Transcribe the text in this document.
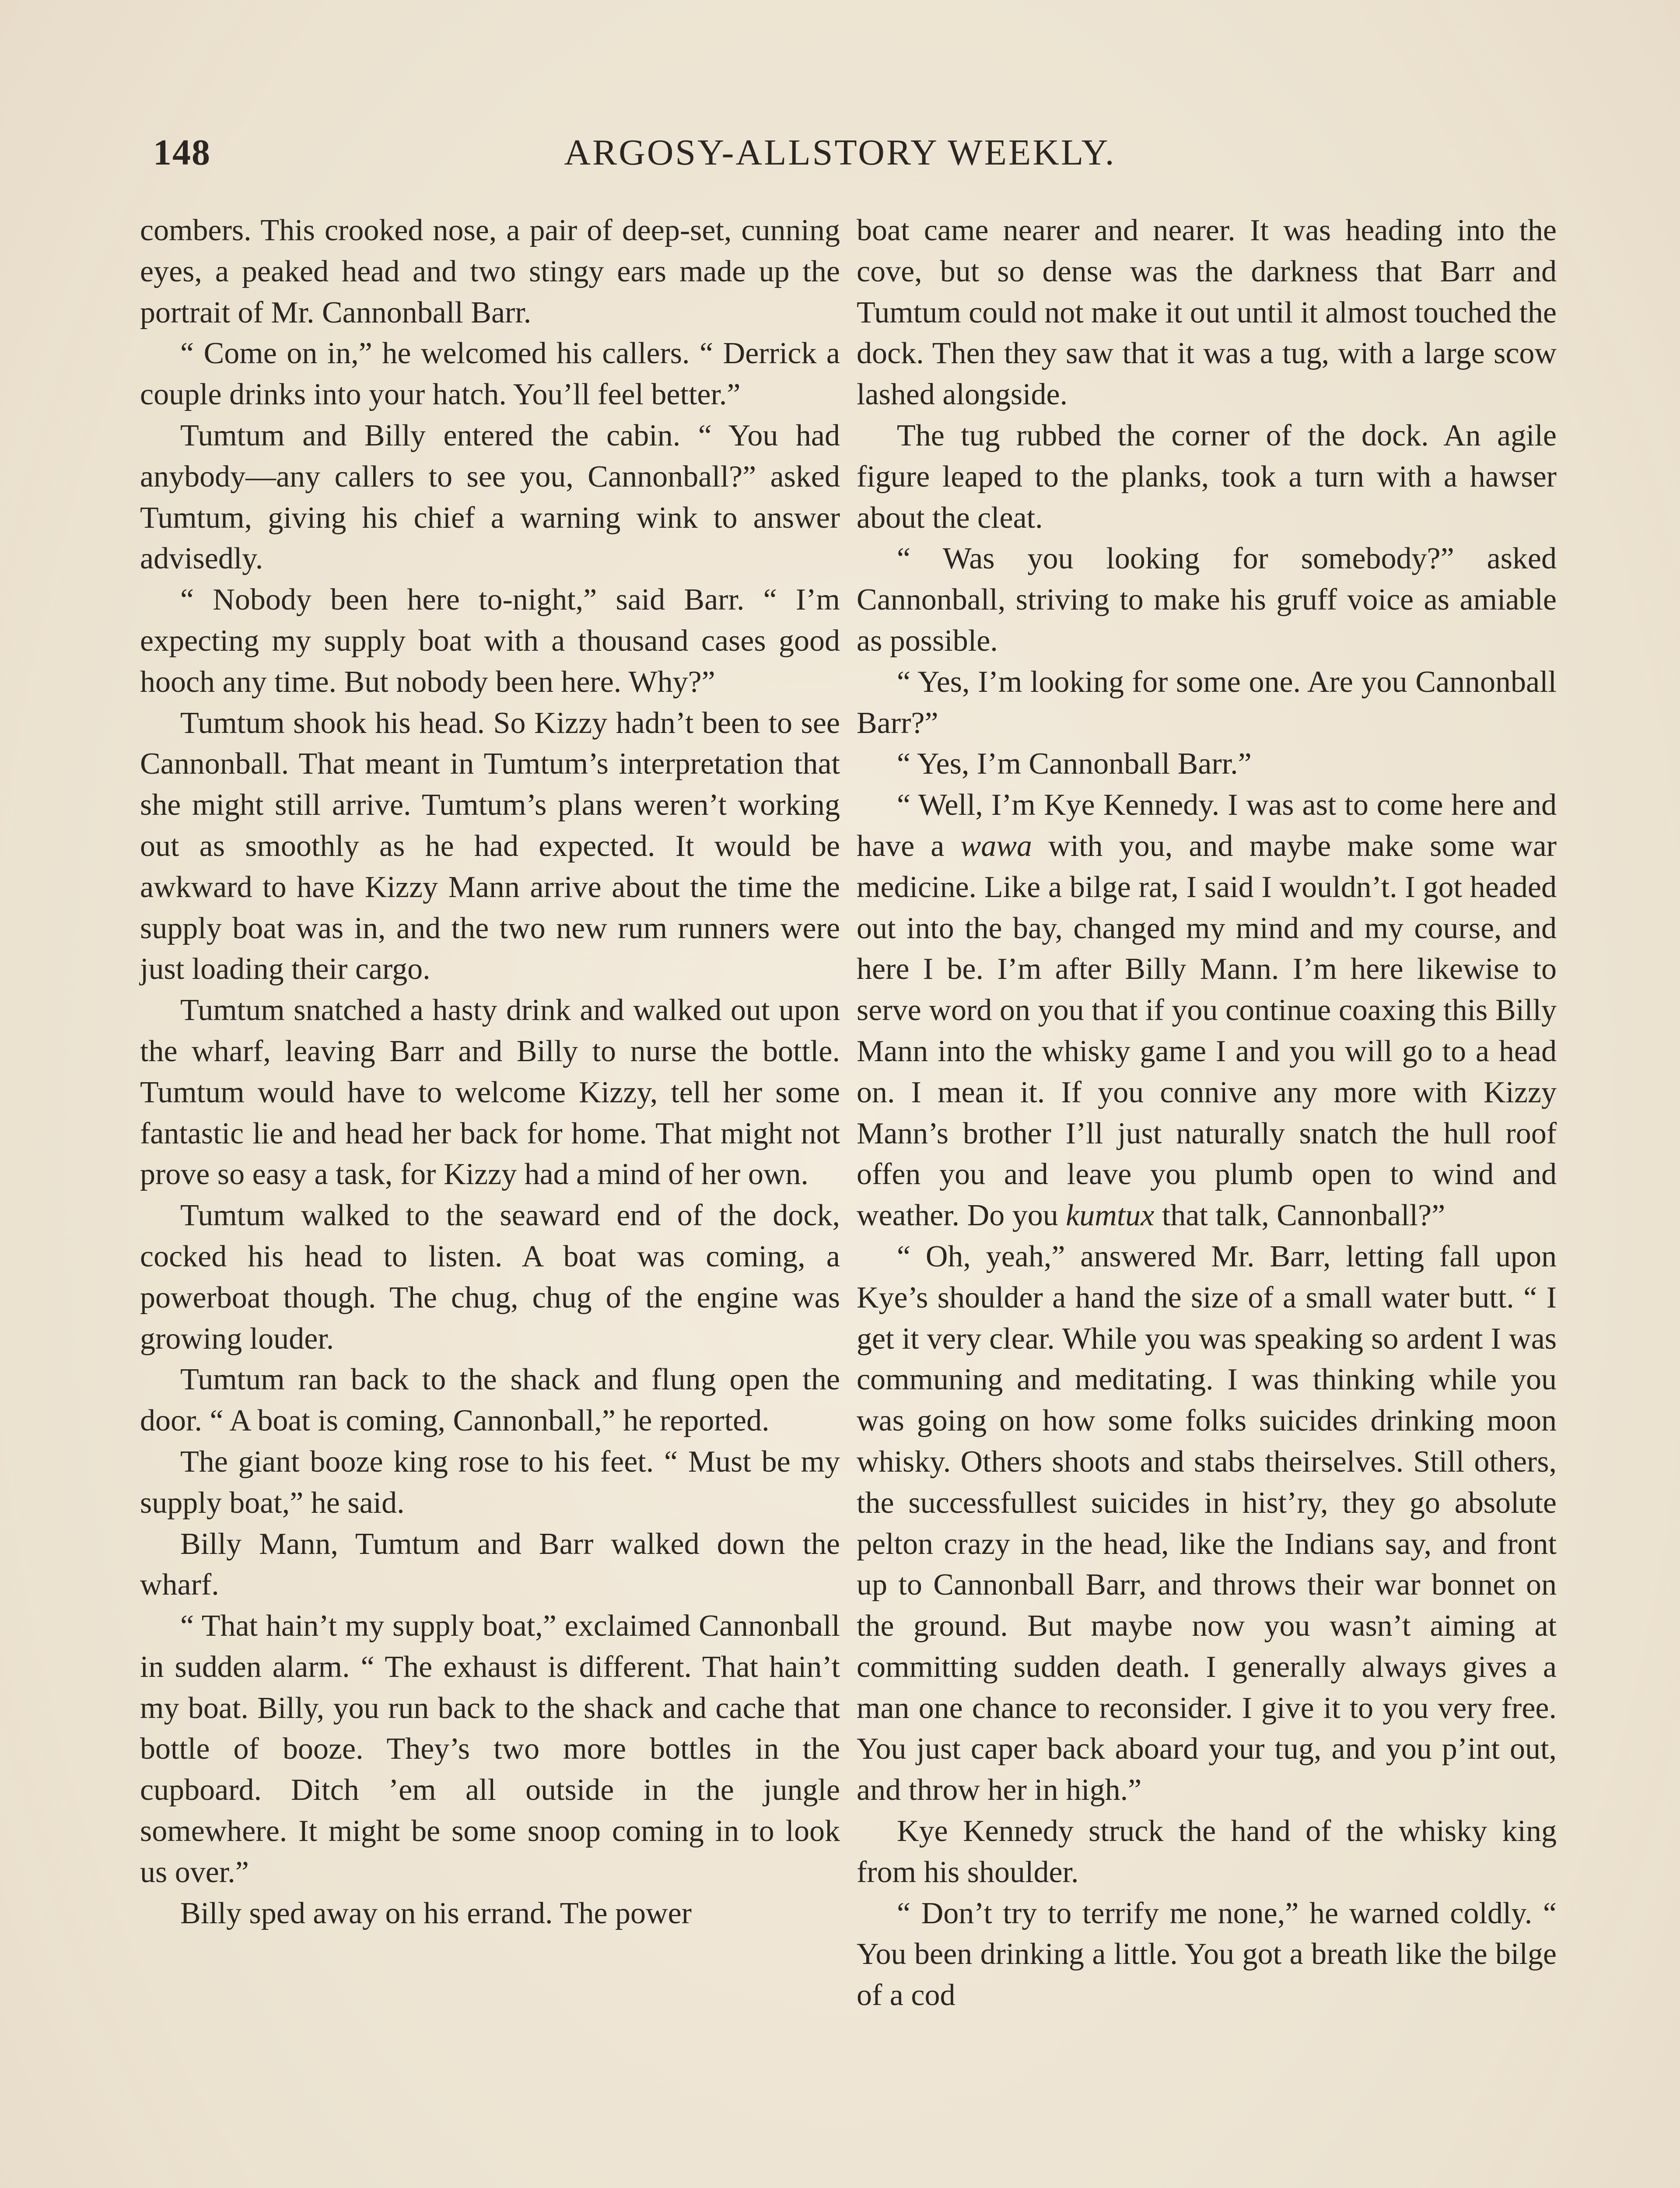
148	ARGOSY-ALLSTORY WEEKLY.

combers. This crooked nose, a pair of deep-set, cunning eyes, a peaked head and two stingy ears made up the portrait of Mr. Cannonball Barr.

“ Come on in,” he welcomed his callers. “ Derrick a couple drinks into your hatch. You’ll feel better.”

Tumtum and Billy entered the cabin. “ You had anybody—any callers to see you, Cannonball?” asked Tumtum, giving his chief a warning wink to answer advisedly.

“ Nobody been here to-night,” said Barr. “ I’m expecting my supply boat with a thousand cases good hooch any time. But nobody been here. Why?”

Tumtum shook his head. So Kizzy hadn’t been to see Cannonball. That meant in Tumtum’s interpretation that she might still arrive. Tumtum’s plans weren’t working out as smoothly as he had expected. It would be awkward to have Kizzy Mann arrive about the time the supply boat was in, and the two new rum runners were just loading their cargo.

Tumtum snatched a hasty drink and walked out upon the wharf, leaving Barr and Billy to nurse the bottle. Tumtum would have to welcome Kizzy, tell her some fantastic lie and head her back for home. That might not prove so easy a task, for Kizzy had a mind of her own.

Tumtum walked to the seaward end of the dock, cocked his head to listen. A boat was coming, a powerboat though. The chug, chug of the engine was growing louder.

Tumtum ran back to the shack and flung open the door. “ A boat is coming, Cannonball,” he reported.

The giant booze king rose to his feet. “ Must be my supply boat,” he said.

Billy Mann, Tumtum and Barr walked down the wharf.

“ That hain’t my supply boat,” exclaimed Cannonball in sudden alarm. “ The exhaust is different. That hain’t my boat. Billy, you run back to the shack and cache that bottle of booze. They’s two more bottles in the cupboard. Ditch ’em all outside in the jungle somewhere. It might be some snoop coming in to look us over.”

Billy sped away on his errand. The power

boat came nearer and nearer. It was heading into the cove, but so dense was the darkness that Barr and Tumtum could not make it out until it almost touched the dock. Then they saw that it was a tug, with a large scow lashed alongside.

The tug rubbed the corner of the dock. An agile figure leaped to the planks, took a turn with a hawser about the cleat.

“ Was you looking for somebody?” asked Cannonball, striving to make his gruff voice as amiable as possible.

“ Yes, I’m looking for some one. Are you Cannonball Barr?”

“ Yes, I’m Cannonball Barr.”

“ Well, I’m Kye Kennedy. I was ast to come here and have a wawa with you, and maybe make some war medicine. Like a bilge rat, I said I wouldn’t. I got headed out into the bay, changed my mind and my course, and here I be. I’m after Billy Mann. I’m here likewise to serve word on you that if you continue coaxing this Billy Mann into the whisky game I and you will go to a head on. I mean it. If you connive any more with Kizzy Mann’s brother I’ll just naturally snatch the hull roof offen you and leave you plumb open to wind and weather. Do you kumtux that talk, Cannonball?”

“ Oh, yeah,” answered Mr. Barr, letting fall upon Kye’s shoulder a hand the size of a small water butt. “ I get it very clear. While you was speaking so ardent I was communing and meditating. I was thinking while you was going on how some folks suicides drinking moon whisky. Others shoots and stabs theirselves. Still others, the successfullest suicides in hist’ry, they go absolute pelton crazy in the head, like the Indians say, and front up to Cannonball Barr, and throws their war bonnet on the ground. But maybe now you wasn’t aiming at committing sudden death. I generally always gives a man one chance to reconsider. I give it to you very free. You just caper back aboard your tug, and you p’int out, and throw her in high.”

Kye Kennedy struck the hand of the whisky king from his shoulder.

“ Don’t try to terrify me none,” he warned coldly. “ You been drinking a little. You got a breath like the bilge of a cod
